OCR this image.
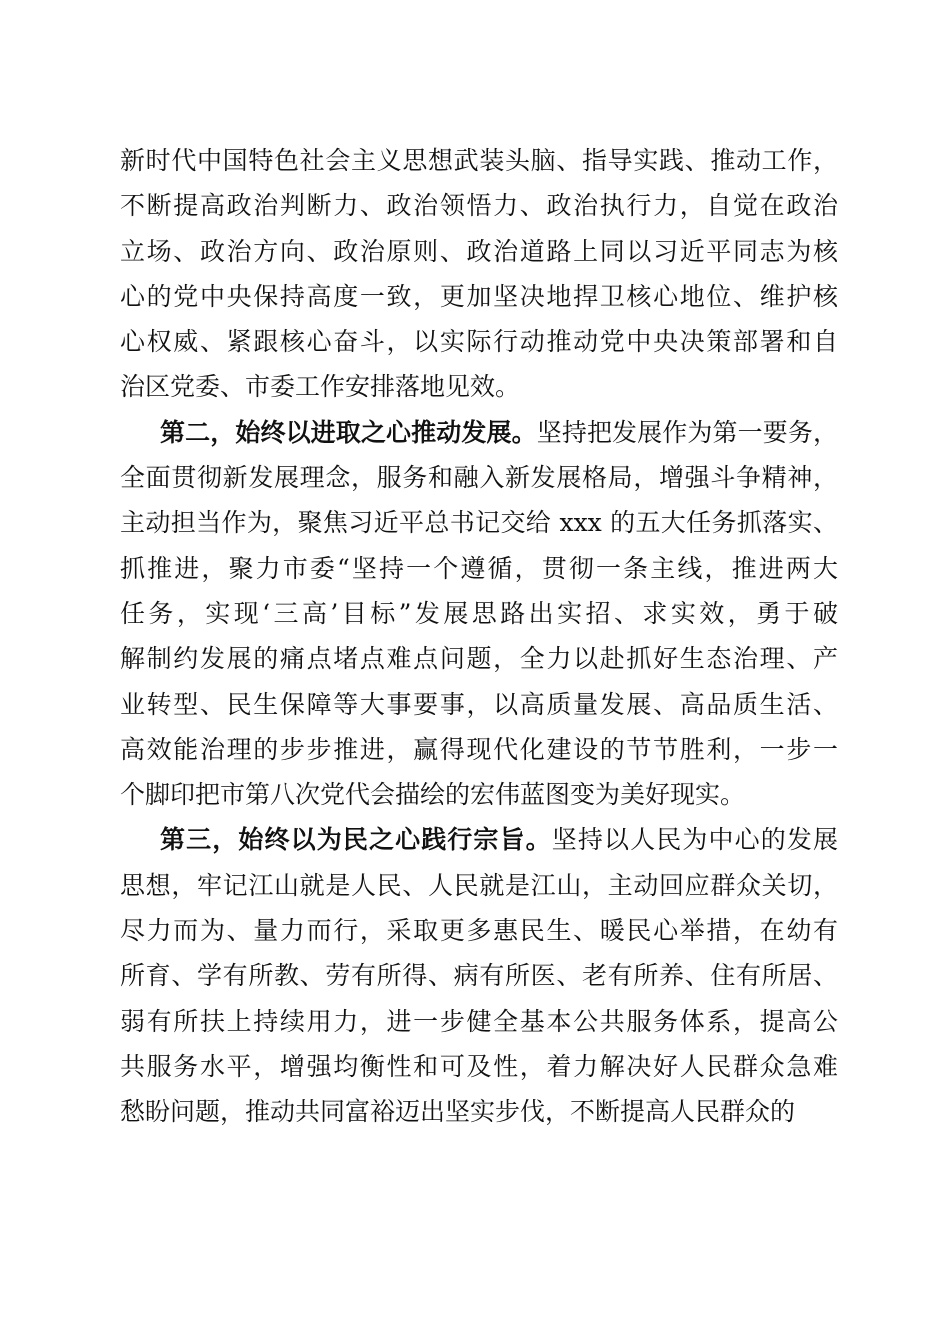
新时代中国特色社会主义思想武装头脑、指导实践、推动工作，
不断提高政治判断力、政治领悟力、政治执行力，自觉在政治
立场、政治方向、政治原则、政治道路上同以习近平同志为核
心的党中央保持高度一致，更加坚决地捍卫核心地位、维护核
心权威、紧跟核心奋斗，以实际行动推动党中央决策部署和自
治区党委、市委工作安排落地见效。
第二，始终以进取之心推动发展。坚持把发展作为第一要务，
全面贯彻新发展理念，服务和融入新发展格局，增强斗争精神，
主动担当作为，聚焦习近平总书记交给 xxx 的五大任务抓落实、
抓推进，聚力市委“坚持一个遵循，贯彻一条主线，推进两大
任务，实现‘三高’目标”发展思路出实招、求实效，勇于破
解制约发展的痛点堵点难点问题，全力以赴抓好生态治理、产
业转型、民生保障等大事要事，以高质量发展、高品质生活、
高效能治理的步步推进，赢得现代化建设的节节胜利，一步一
个脚印把市第八次党代会描绘的宏伟蓝图变为美好现实。
第三，始终以为民之心践行宗旨。坚持以人民为中心的发展
思想，牢记江山就是人民、人民就是江山，主动回应群众关切，
尽力而为、量力而行，采取更多惠民生、暖民心举措，在幼有
所育、学有所教、劳有所得、病有所医、老有所养、住有所居、
弱有所扶上持续用力，进一步健全基本公共服务体系，提高公
共服务水平，增强均衡性和可及性，着力解决好人民群众急难
愁盼问题，推动共同富裕迈出坚实步伐，不断提高人民群众的
